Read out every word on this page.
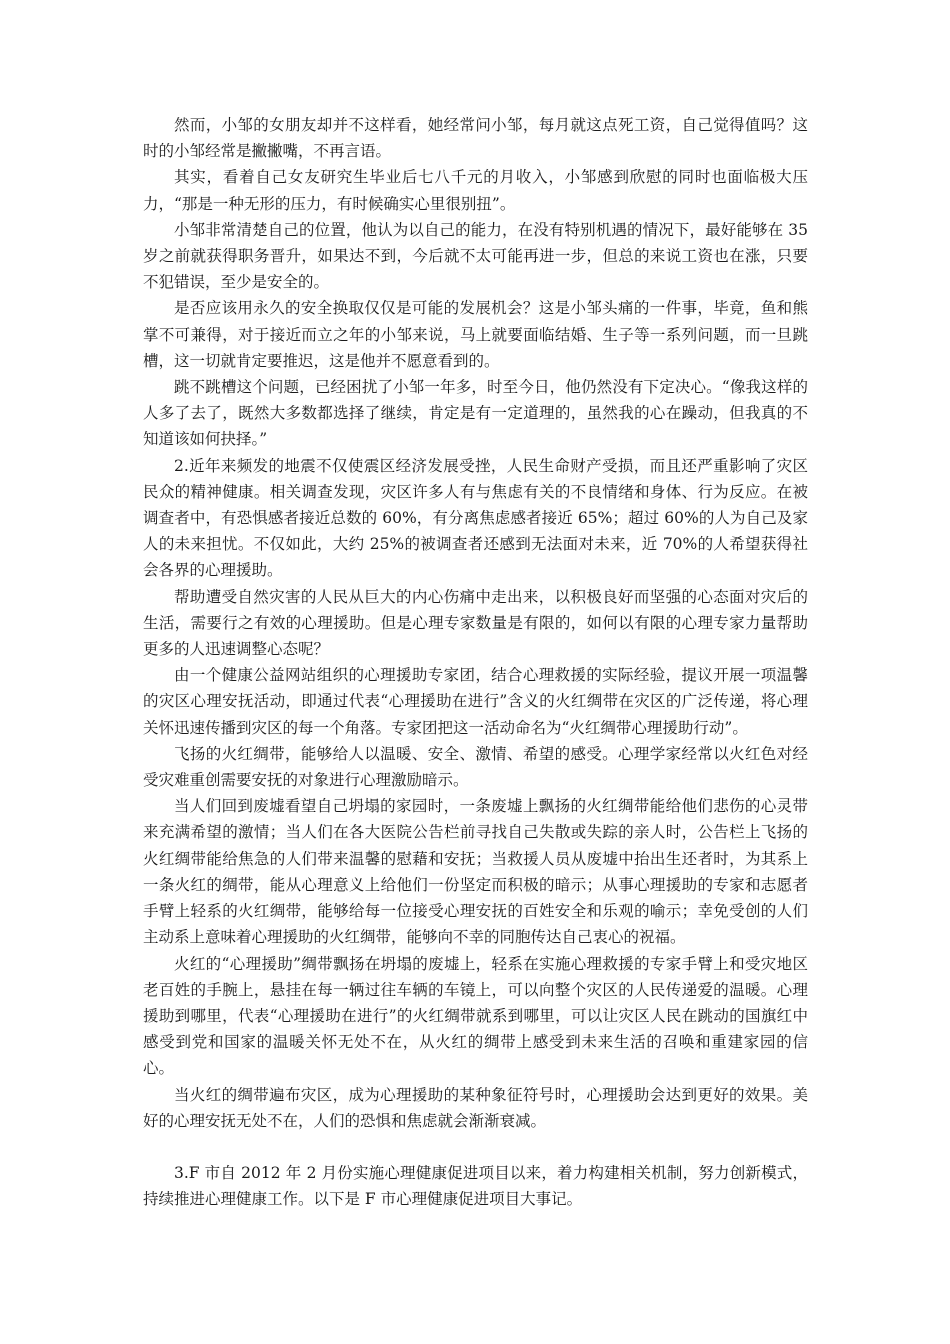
然而，小邹的女朋友却并不这样看，她经常问小邹，每月就这点死工资，自己觉得值吗？这时的小邹经常是撇撇嘴，不再言语。

其实，看着自己女友研究生毕业后七八千元的月收入，小邹感到欣慰的同时也面临极大压力，“那是一种无形的压力，有时候确实心里很别扭”。

小邹非常清楚自己的位置，他认为以自己的能力，在没有特别机遇的情况下，最好能够在 35 岁之前就获得职务晋升，如果达不到，今后就不太可能再进一步，但总的来说工资也在涨，只要不犯错误，至少是安全的。

是否应该用永久的安全换取仅仅是可能的发展机会？这是小邹头痛的一件事，毕竟，鱼和熊掌不可兼得，对于接近而立之年的小邹来说，马上就要面临结婚、生子等一系列问题，而一旦跳槽，这一切就肯定要推迟，这是他并不愿意看到的。

跳不跳槽这个问题，已经困扰了小邹一年多，时至今日，他仍然没有下定决心。“像我这样的人多了去了，既然大多数都选择了继续，肯定是有一定道理的，虽然我的心在躁动，但我真的不知道该如何抉择。”

2.近年来频发的地震不仅使震区经济发展受挫，人民生命财产受损，而且还严重影响了灾区民众的精神健康。相关调查发现，灾区许多人有与焦虑有关的不良情绪和身体、行为反应。在被调查者中，有恐惧感者接近总数的 60%，有分离焦虑感者接近 65%；超过 60%的人为自己及家人的未来担忧。不仅如此，大约 25%的被调查者还感到无法面对未来，近 70%的人希望获得社会各界的心理援助。

帮助遭受自然灾害的人民从巨大的内心伤痛中走出来，以积极良好而坚强的心态面对灾后的生活，需要行之有效的心理援助。但是心理专家数量是有限的，如何以有限的心理专家力量帮助更多的人迅速调整心态呢？

由一个健康公益网站组织的心理援助专家团，结合心理救援的实际经验，提议开展一项温馨的灾区心理安抚活动，即通过代表“心理援助在进行”含义的火红绸带在灾区的广泛传递，将心理关怀迅速传播到灾区的每一个角落。专家团把这一活动命名为“火红绸带心理援助行动”。

飞扬的火红绸带，能够给人以温暖、安全、激情、希望的感受。心理学家经常以火红色对经受灾难重创需要安抚的对象进行心理激励暗示。

当人们回到废墟看望自己坍塌的家园时，一条废墟上飘扬的火红绸带能给他们悲伤的心灵带来充满希望的激情；当人们在各大医院公告栏前寻找自己失散或失踪的亲人时，公告栏上飞扬的火红绸带能给焦急的人们带来温馨的慰藉和安抚；当救援人员从废墟中抬出生还者时，为其系上一条火红的绸带，能从心理意义上给他们一份坚定而积极的暗示；从事心理援助的专家和志愿者手臂上轻系的火红绸带，能够给每一位接受心理安抚的百姓安全和乐观的喻示；幸免受创的人们主动系上意味着心理援助的火红绸带，能够向不幸的同胞传达自己衷心的祝福。

火红的“心理援助”绸带飘扬在坍塌的废墟上，轻系在实施心理救援的专家手臂上和受灾地区老百姓的手腕上，悬挂在每一辆过往车辆的车镜上，可以向整个灾区的人民传递爱的温暖。心理援助到哪里，代表“心理援助在进行”的火红绸带就系到哪里，可以让灾区人民在跳动的国旗红中感受到党和国家的温暖关怀无处不在，从火红的绸带上感受到未来生活的召唤和重建家园的信心。

当火红的绸带遍布灾区，成为心理援助的某种象征符号时，心理援助会达到更好的效果。美好的心理安抚无处不在，人们的恐惧和焦虑就会渐渐衰减。

3.F 市自 2012 年 2 月份实施心理健康促进项目以来，着力构建相关机制，努力创新模式，持续推进心理健康工作。以下是 F 市心理健康促进项目大事记。
